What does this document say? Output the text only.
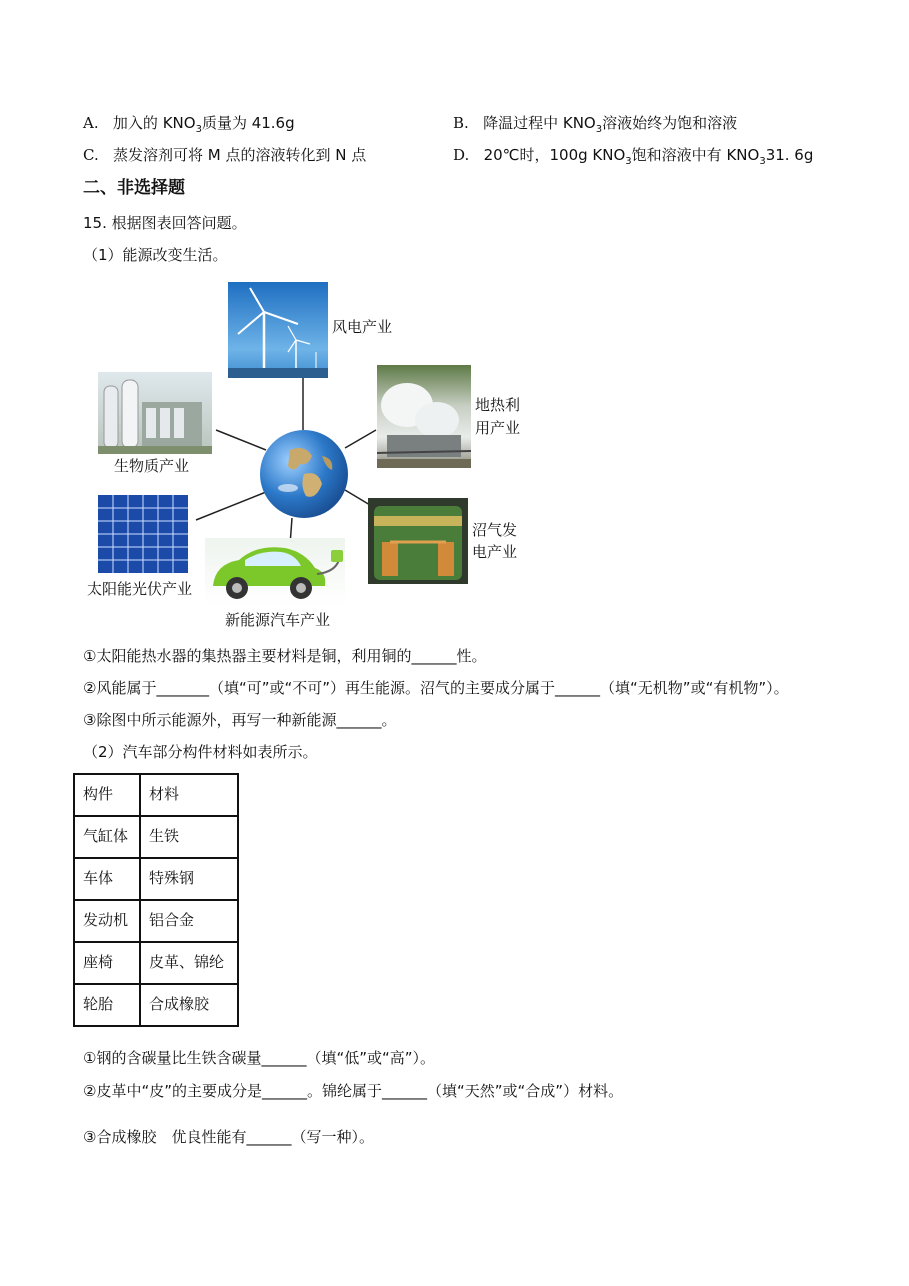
A. 加入的 $KNO_3$质量为 41.6g	B. 降温过程中 $KNO_3$溶液始终为饱和溶液
C. 蒸发溶剂可将 M 点的溶液转化到 N 点	D. 20℃时，100g $KNO_3$饱和溶液中有 $KNO_331$. 6g
二、非选择题
15. 根据图表回答问题。
（1）能源改变生活。
风电产业
生物质产业
地热利
用产业
太阳能光伏产业
沼气发
电产业
新能源汽车产业
①太阳能热水器的集热器主要材料是铜，利用铜的______性。
②风能属于_______（填“可”或“不可”）再生能源。沼气的主要成分属于______（填“无机物”或“有机物”）。
③除图中所示能源外，再写一种新能源______。
（2）汽车部分构件材料如表所示。
构件	材料
气缸体	生铁
车体	特殊钢
发动机	铝合金
座椅	皮革、锦纶
轮胎	合成橡胶
①钢的含碳量比生铁含碳量______（填“低”或“高”）。
②皮革中“皮”的主要成分是______。锦纶属于______（填“天然”或“合成”）材料。
③合成橡胶　优良性能有______（写一种）。
